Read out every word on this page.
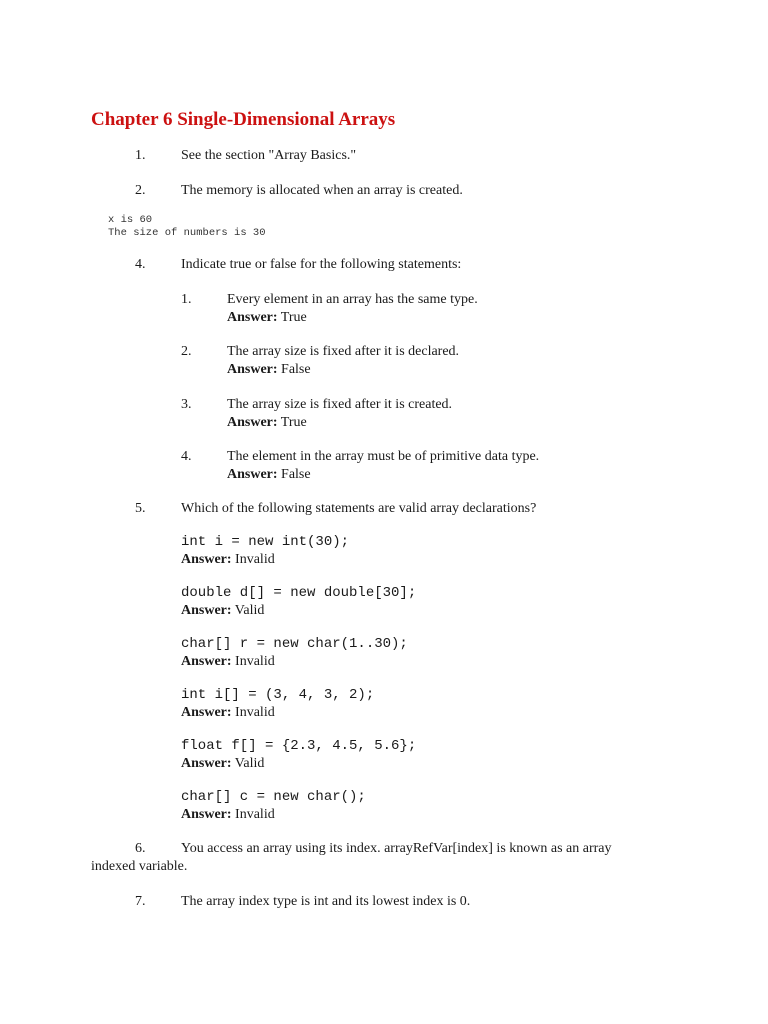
Chapter 6 Single-Dimensional Arrays
1.	See the section "Array Basics."
2.	The memory is allocated when an array is created.
x is 60
The size of numbers is 30
4.	Indicate true or false for the following statements:
1.	Every element in an array has the same type.
Answer: True
2.	The array size is fixed after it is declared.
Answer: False
3.	The array size is fixed after it is created.
Answer: True
4.	The element in the array must be of primitive data type.
Answer: False
5.	Which of the following statements are valid array declarations?
int i = new int(30);
Answer: Invalid
double d[] = new double[30];
Answer: Valid
char[] r = new char(1..30);
Answer: Invalid
int i[] = (3, 4, 3, 2);
Answer: Invalid
float f[] = {2.3, 4.5, 5.6};
Answer: Valid
char[] c = new char();
Answer: Invalid
6.	You access an array using its index. arrayRefVar[index] is known as an array
indexed variable.
7.	The array index type is int and its lowest index is 0.
